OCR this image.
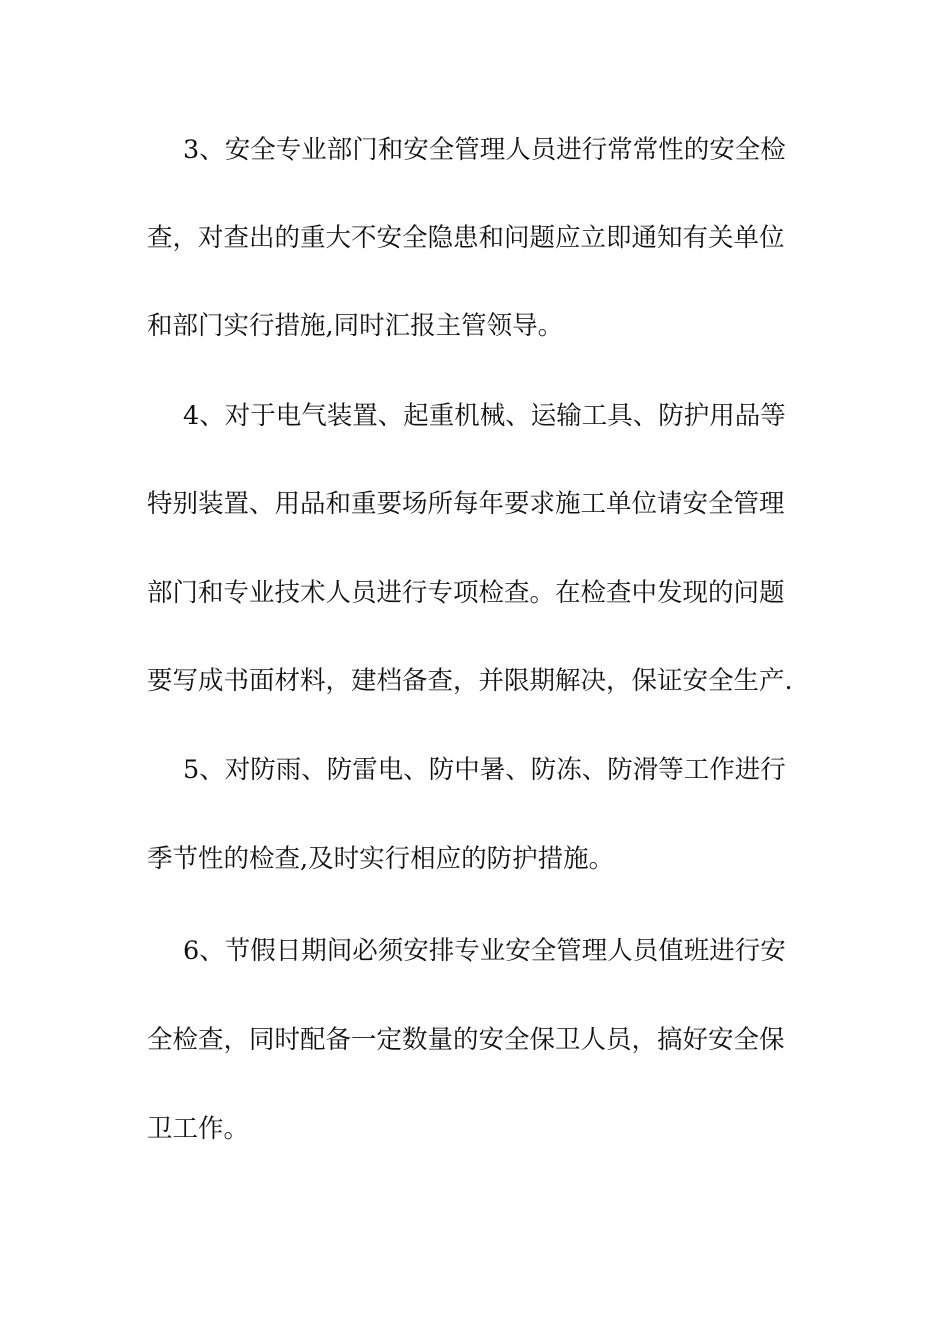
3、安全专业部门和安全管理人员进行常常性的安全检
查，对查出的重大不安全隐患和问题应立即通知有关单位
和部门实行措施,同时汇报主管领导。
4、对于电气装置、起重机械、运输工具、防护用品等
特别装置、用品和重要场所每年要求施工单位请安全管理
部门和专业技术人员进行专项检查。在检查中发现的问题
要写成书面材料，建档备查，并限期解决，保证安全生产.
5、对防雨、防雷电、防中暑、防冻、防滑等工作进行
季节性的检查,及时实行相应的防护措施。
6、节假日期间必须安排专业安全管理人员值班进行安
全检查，同时配备一定数量的安全保卫人员，搞好安全保
卫工作。
